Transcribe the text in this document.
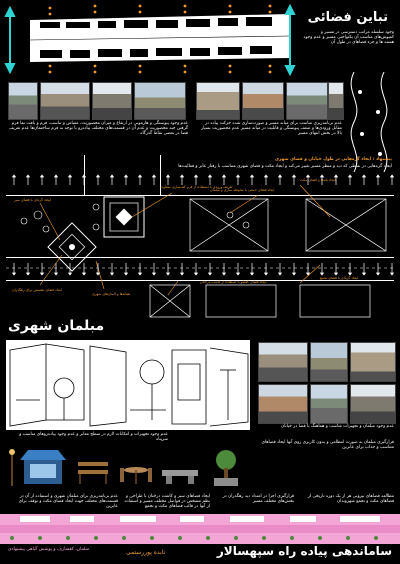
تباین فضائی
وجود سلسله مراتب دسترسی در مسیر و کفپوش‌های مناسب آن یکنواختی مسیر و عدم وجود هسته ها و جزء فضاهای در طول آن
عدم وجود پیوستگی و هارمونی در ارتفاع و میزان محصوریت، مقیاس و تناسب، فرم و بافت نما فرم گرفتن جبه محصوریت و عدم آن در قسمت‌های مختلف پیاده‌رو با توجه به فرم ساختمان‌ها عدم تعریف فضا در بعضی نقاط گذرگاه
عدم برنامه‌ریزی مناسب برای میانه مسیر و صورت‌سازی شده حرکت پیاده در مقابل ورودی‌ها و ضعف پیوستگی و قابلیت در میانه مسیر عدم محصوریت بسیار بالا در بخش انتهای مسیر
پیشنهاد : ایجاد گره‌هایی در طول خیابان و فضای شهری
ایجاد گره‌هایی در نقاطی که دید و منظر مسیر تغییر می‌کند و ایجاد مکث و فضای شهری متناسب با رفتار عابر و فعالیت‌ها
ایجاد گره‌ای با فضای سبز
تعریف ورودی با استفاده از فرم کف‌سازی متفاوت
ایجاد پله‌ها و فضای مکث
ایجاد فضای جمعی با محوطه سازی و مبلمان
ایجاد فضای نشستن برای رهگذران
نشانه‌ها و المان‌های شهری
ایجاد فضای گفتگو با استفاده از کاشت درختان
ایجاد گره‌ای با فضای تجمع
مبلمان شهری
عدم وجود تجهیزات و امکانات لازم در سطح معابر و عدم وجود پیاده‌روهای مناسب و سرپناه
عدم وجود مبلمان و تجهیزات مناسب و هماهنگ با فضا در خیابان
عدم برنامه‌ریزی برای مبلمان شهری و استفاده از آن در قسمت‌های مختلف جهت ایجاد فضای مکث و توقف برای عابرین
قرارگیری مبلمان به صورت انتظامی و بدون کاربری روی آنها ایجاد فضاهای متناسب و جذاب برای عابرین
ایجاد فضاهای سبز و کاشت درختان با طراحی و نظم مشخص در فواصل مختلف مسیر و استفاده از آنها در قالب فضاهای مکث و تجمع
قرارگیری اجزا در امتداد دید رهگذران در بخش‌های مختلف مسیر
مطالعه فضاهای بیرونی هر از یک دوره تاریخی از فضاهای مکث و تجمع شهروندان
مبلمان، کفسازی، و پوشش گیاهی پیشنهادی	تابده پوررستمی	ساماندهی پیاده راه سپهسالار
